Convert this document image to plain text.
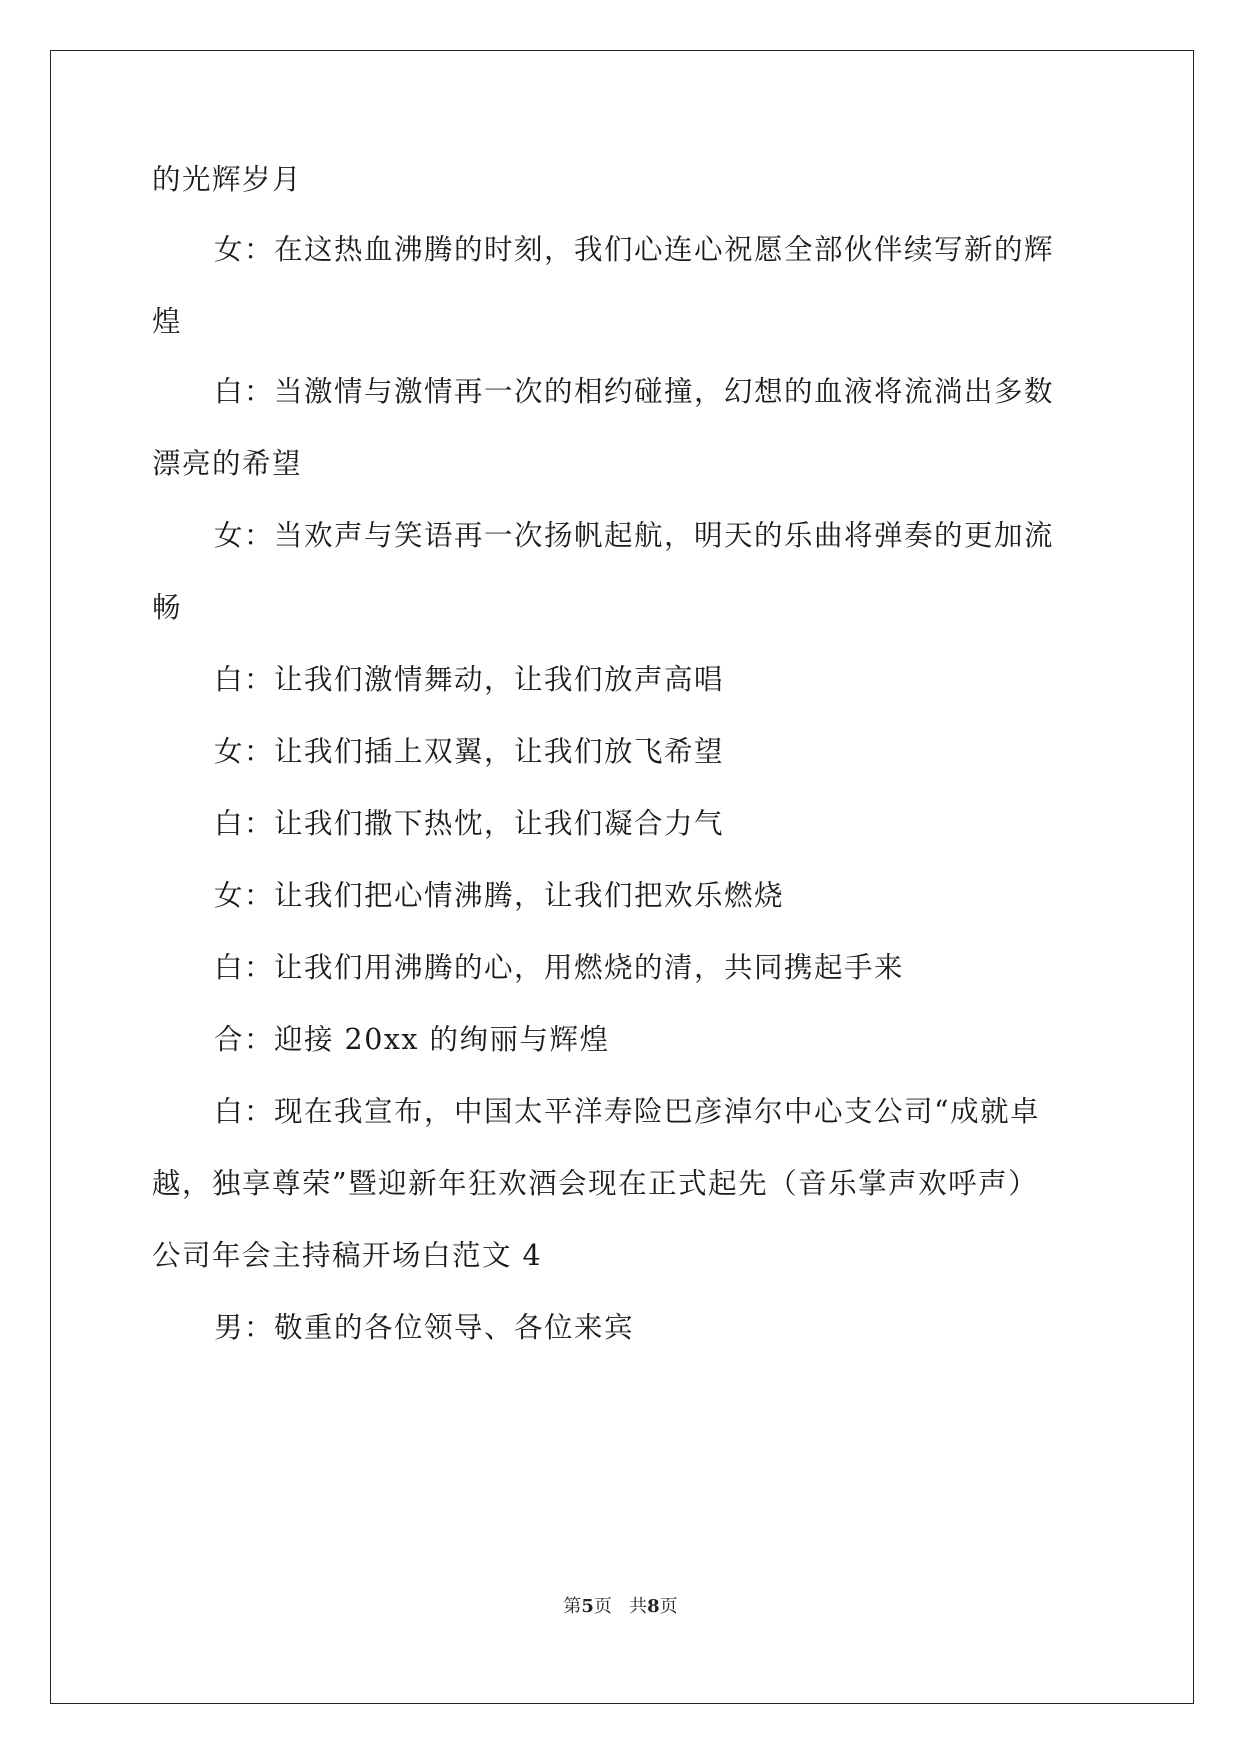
的光辉岁月
女：在这热血沸腾的时刻，我们心连心祝愿全部伙伴续写新的辉
煌
白：当激情与激情再一次的相约碰撞，幻想的血液将流淌出多数
漂亮的希望
女：当欢声与笑语再一次扬帆起航，明天的乐曲将弹奏的更加流
畅
白：让我们激情舞动，让我们放声高唱
女：让我们插上双翼，让我们放飞希望
白：让我们撒下热忱，让我们凝合力气
女：让我们把心情沸腾，让我们把欢乐燃烧
白：让我们用沸腾的心，用燃烧的清，共同携起手来
合：迎接 20xx 的绚丽与辉煌
白：现在我宣布，中国太平洋寿险巴彦淖尔中心支公司“成就卓
越，独享尊荣”暨迎新年狂欢酒会现在正式起先（音乐掌声欢呼声）
公司年会主持稿开场白范文 4
男：敬重的各位领导、各位来宾
第5页 共8页
